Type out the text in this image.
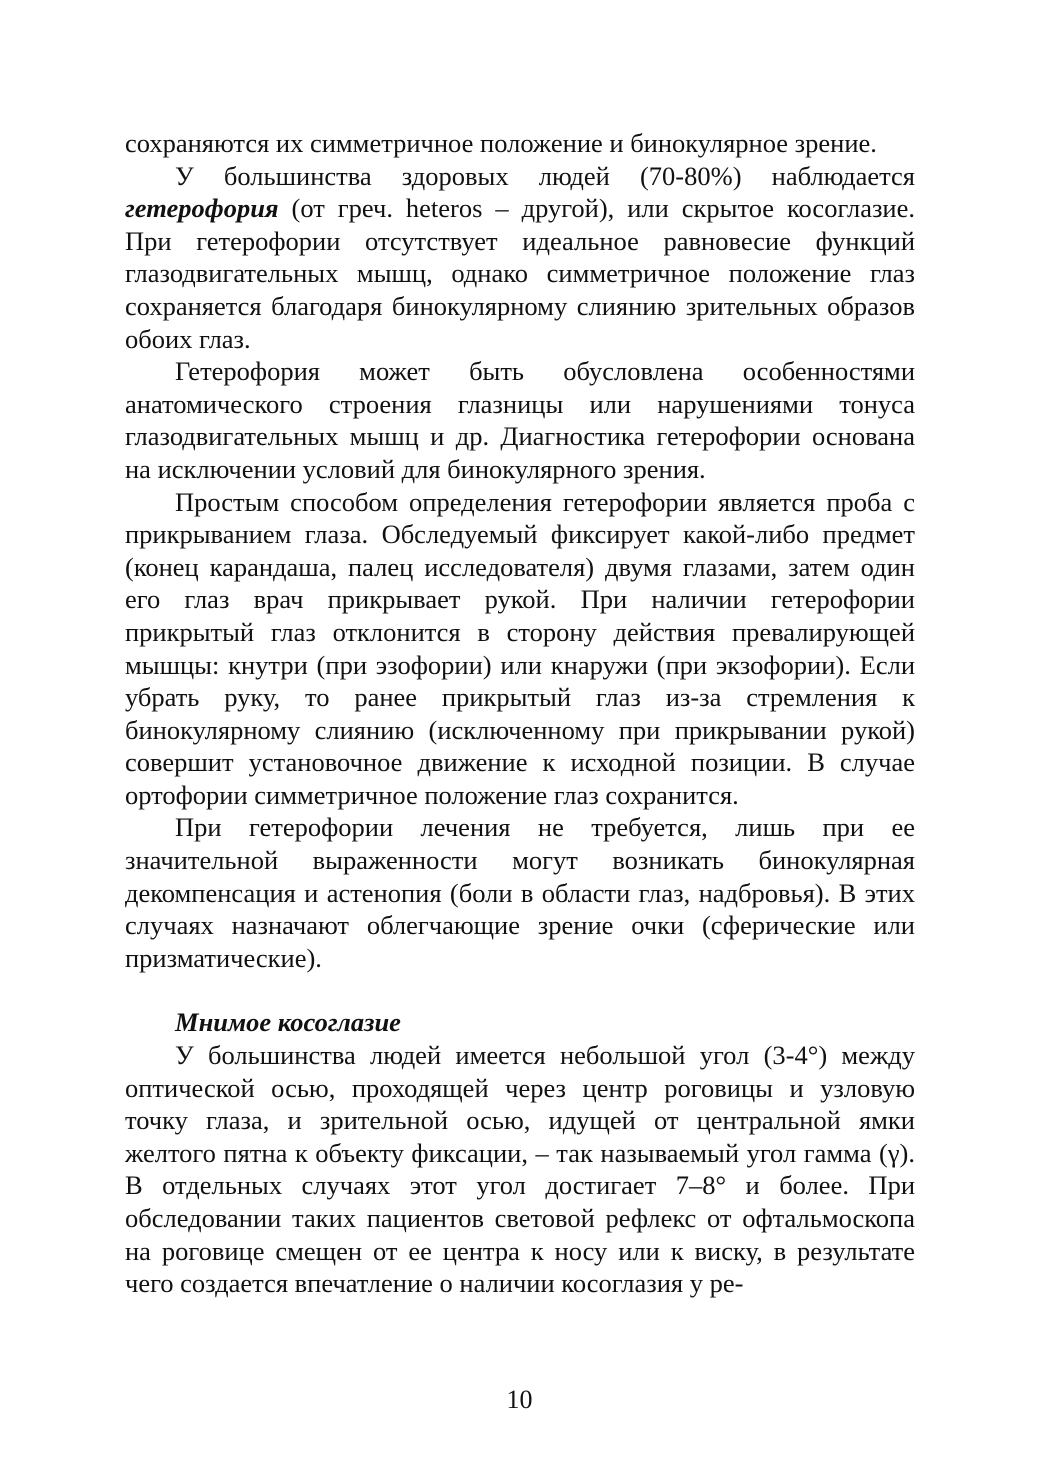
сохраняются их симметричное положение и бинокулярное зрение.

У большинства здоровых людей (70-80%) наблюдается гетерофория (от греч. heteros – другой), или скрытое косоглазие. При гетерофории отсутствует идеальное равновесие функций глазодвигательных мышц, однако симметричное положение глаз сохраняется благодаря бинокулярному слиянию зрительных образов обоих глаз.

Гетерофория может быть обусловлена особенностями анатомического строения глазницы или нарушениями тонуса глазодвигательных мышц и др. Диагностика гетерофории основана на исключении условий для бинокулярного зрения.

Простым способом определения гетерофории является проба с прикрыванием глаза. Обследуемый фиксирует какой-либо предмет (конец карандаша, палец исследователя) двумя глазами, затем один его глаз врач прикрывает рукой. При наличии гетерофории прикрытый глаз отклонится в сторону действия превалирующей мышцы: кнутри (при эзофории) или кнаружи (при экзофории). Если убрать руку, то ранее прикрытый глаз из-за стремления к бинокулярному слиянию (исключенному при прикрывании рукой) совершит установочное движение к исходной позиции. В случае ортофории симметричное положение глаз сохранится.

При гетерофории лечения не требуется, лишь при ее значительной выраженности могут возникать бинокулярная декомпенсация и астенопия (боли в области глаз, надбровья). В этих случаях назначают облегчающие зрение очки (сферические или призматические).

Мнимое косоглазие

У большинства людей имеется небольшой угол (3-4°) между оптической осью, проходящей через центр роговицы и узловую точку глаза, и зрительной осью, идущей от центральной ямки желтого пятна к объекту фиксации, – так называемый угол гамма (γ). В отдельных случаях этот угол достигает 7–8° и более. При обследовании таких пациентов световой рефлекс от офтальмоскопа на роговице смещен от ее центра к носу или к виску, в результате чего создается впечатление о наличии косоглазия у ре-

10
